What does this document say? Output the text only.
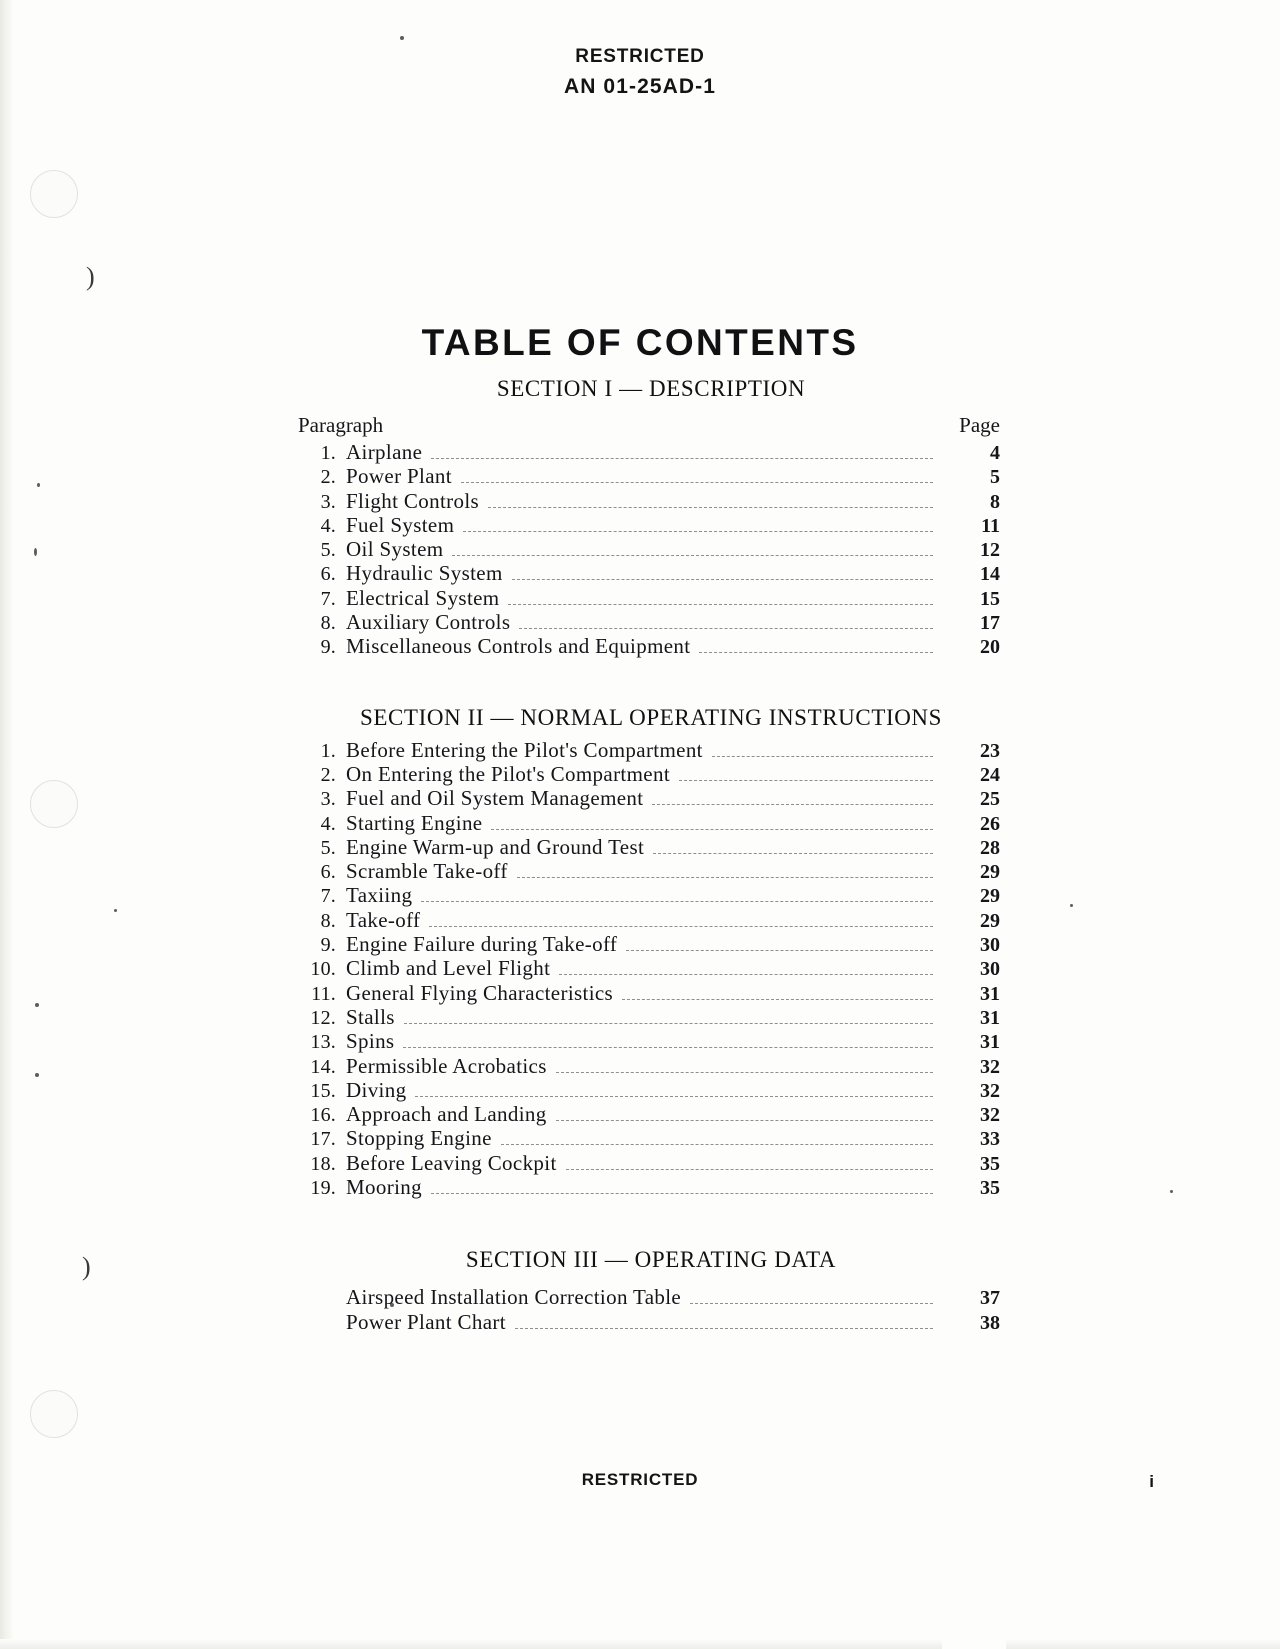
)
)
RESTRICTED
AN 01-25AD-1
TABLE OF CONTENTS
SECTION I — DESCRIPTION
Paragraph	Page
1. Airplane	4
2. Power Plant	5
3. Flight Controls	8
4. Fuel System	11
5. Oil System	12
6. Hydraulic System	14
7. Electrical System	15
8. Auxiliary Controls	17
9. Miscellaneous Controls and Equipment	20
SECTION II — NORMAL OPERATING INSTRUCTIONS
1. Before Entering the Pilot's Compartment	23
2. On Entering the Pilot's Compartment	24
3. Fuel and Oil System Management	25
4. Starting Engine	26
5. Engine Warm-up and Ground Test	28
6. Scramble Take-off	29
7. Taxiing	29
8. Take-off	29
9. Engine Failure during Take-off	30
10. Climb and Level Flight	30
11. General Flying Characteristics	31
12. Stalls	31
13. Spins	31
14. Permissible Acrobatics	32
15. Diving	32
16. Approach and Landing	32
17. Stopping Engine	33
18. Before Leaving Cockpit	35
19. Mooring	35
SECTION III — OPERATING DATA
Airspeed Installation Correction Table	37
Power Plant Chart	38
RESTRICTED	i
